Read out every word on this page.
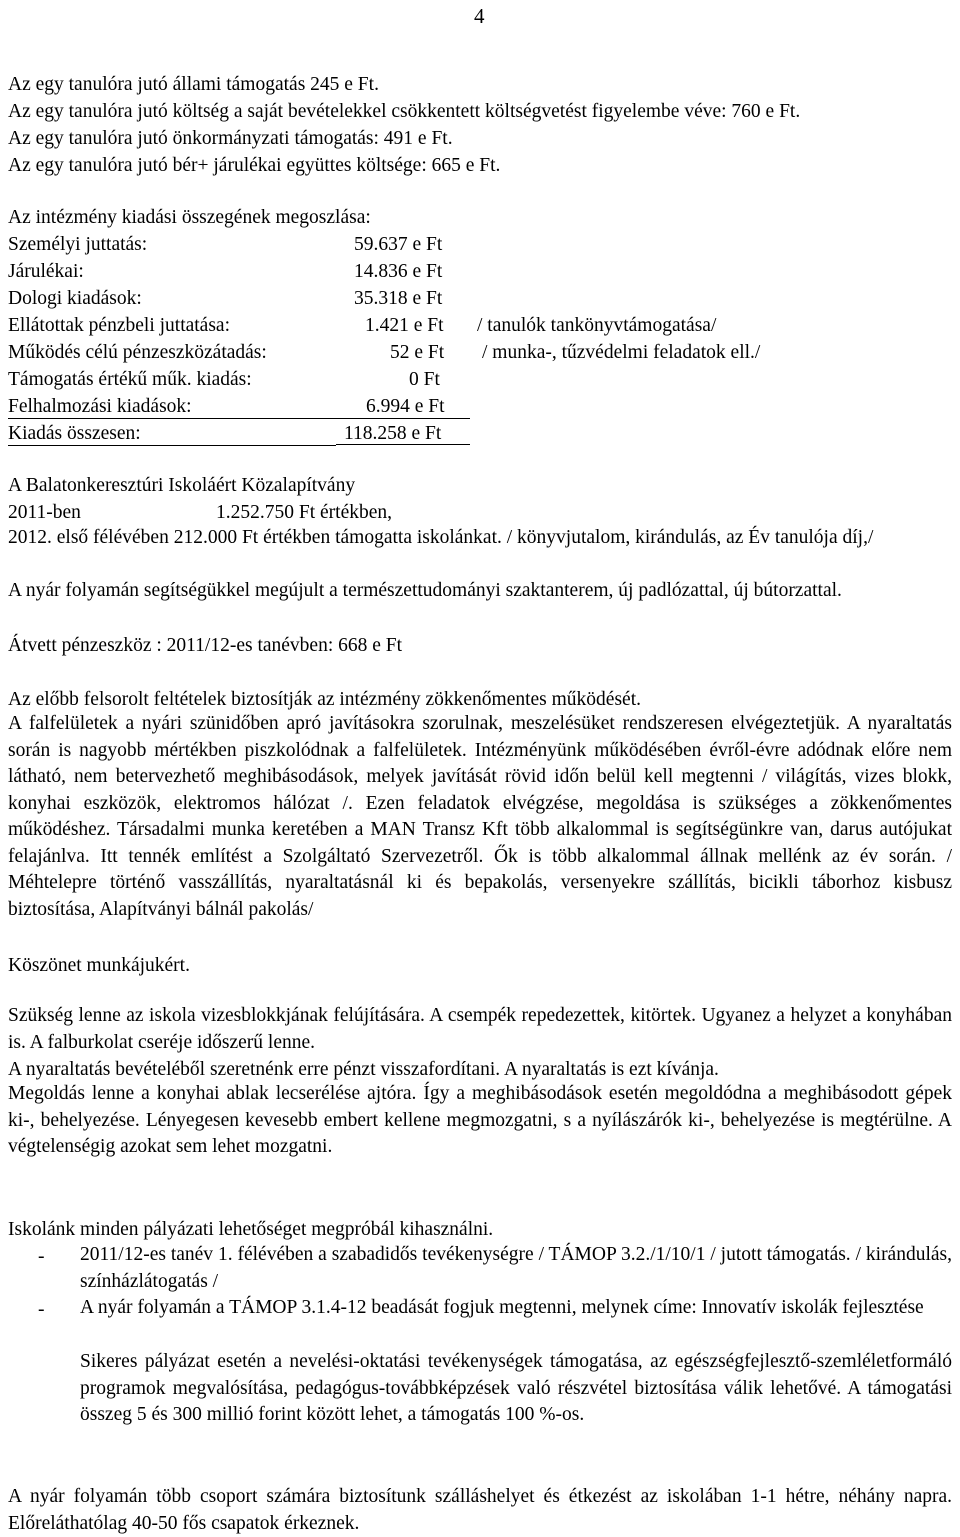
4
Az egy tanulóra jutó állami támogatás 245 e Ft.
Az egy tanulóra jutó költség a saját bevételekkel csökkentett költségvetést figyelembe véve: 760 e Ft.
Az egy tanulóra jutó önkormányzati támogatás: 491 e Ft.
Az egy tanulóra jutó bér+ járulékai együttes költsége: 665 e Ft.
Az intézmény kiadási összegének megoszlása:
Személyi juttatás:	59.637 e Ft
Járulékai:	14.836 e Ft
Dologi kiadások:	35.318 e Ft
Ellátottak pénzbeli juttatása:	1.421 e Ft / tanulók tankönyvtámogatása/
Működés célú pénzeszközátadás:	52 e Ft / munka-, tűzvédelmi feladatok ell./
Támogatás értékű műk. kiadás:	0 Ft
Felhalmozási kiadások:	6.994 e Ft
Kiadás összesen:	118.258 e Ft
A Balatonkeresztúri Iskoláért Közalapítvány
2011-ben	1.252.750 Ft értékben,
2012. első félévében 212.000 Ft értékben támogatta iskolánkat. / könyvjutalom, kirándulás, az Év tanulója díj,/
A nyár folyamán segítségükkel megújult a természettudományi szaktanterem, új padlózattal, új bútorzattal.
Átvett pénzeszköz : 2011/12-es tanévben: 668 e Ft
Az előbb felsorolt feltételek biztosítják az intézmény zökkenőmentes működését.
A falfelületek a nyári szünidőben apró javításokra szorulnak, meszelésüket rendszeresen elvégeztetjük. A nyaraltatás során is nagyobb mértékben piszkolódnak a falfelületek. Intézményünk működésében évről-évre adódnak előre nem látható, nem betervezhető meghibásodások, melyek javítását rövid időn belül kell megtenni / világítás, vizes blokk, konyhai eszközök, elektromos hálózat /. Ezen feladatok elvégzése, megoldása is szükséges a zökkenőmentes működéshez. Társadalmi munka keretében a MAN Transz Kft több alkalommal is segítségünkre van, darus autójukat felajánlva. Itt tennék említést a Szolgáltató Szervezetről. Ők is több alkalommal állnak mellénk az év során. / Méhtelepre történő vasszállítás, nyaraltatásnál ki és bepakolás, versenyekre szállítás, bicikli táborhoz kisbusz biztosítása, Alapítványi bálnál pakolás/
Köszönet munkájukért.
Szükség lenne az iskola vizesblokkjának felújítására. A csempék repedezettek, kitörtek. Ugyanez a helyzet a konyhában is. A falburkolat cseréje időszerű lenne.
A nyaraltatás bevételéből szeretnénk erre pénzt visszafordítani. A nyaraltatás is ezt kívánja.
Megoldás lenne a konyhai ablak lecserélése ajtóra. Így a meghibásodások esetén megoldódna a meghibásodott gépek ki-, behelyezése. Lényegesen kevesebb embert kellene megmozgatni, s a nyílászárók ki-, behelyezése is megtérülne. A végtelenségig azokat sem lehet mozgatni.
Iskolánk minden pályázati lehetőséget megpróbál kihasználni.
- 2011/12-es tanév 1. félévében a szabadidős tevékenységre / TÁMOP 3.2./1/10/1 / jutott támogatás. / kirándulás, színházlátogatás /
- A nyár folyamán a TÁMOP 3.1.4-12 beadását fogjuk megtenni, melynek címe: Innovatív iskolák fejlesztése
Sikeres pályázat esetén a nevelési-oktatási tevékenységek támogatása, az egészségfejlesztő-szemléletformáló programok megvalósítása, pedagógus-továbbképzések való részvétel biztosítása válik lehetővé. A támogatási összeg 5 és 300 millió forint között lehet, a támogatás 100 %-os.
A nyár folyamán több csoport számára biztosítunk szálláshelyet és étkezést az iskolában 1-1 hétre, néhány napra. Előreláthatólag 40-50 fős csapatok érkeznek.
